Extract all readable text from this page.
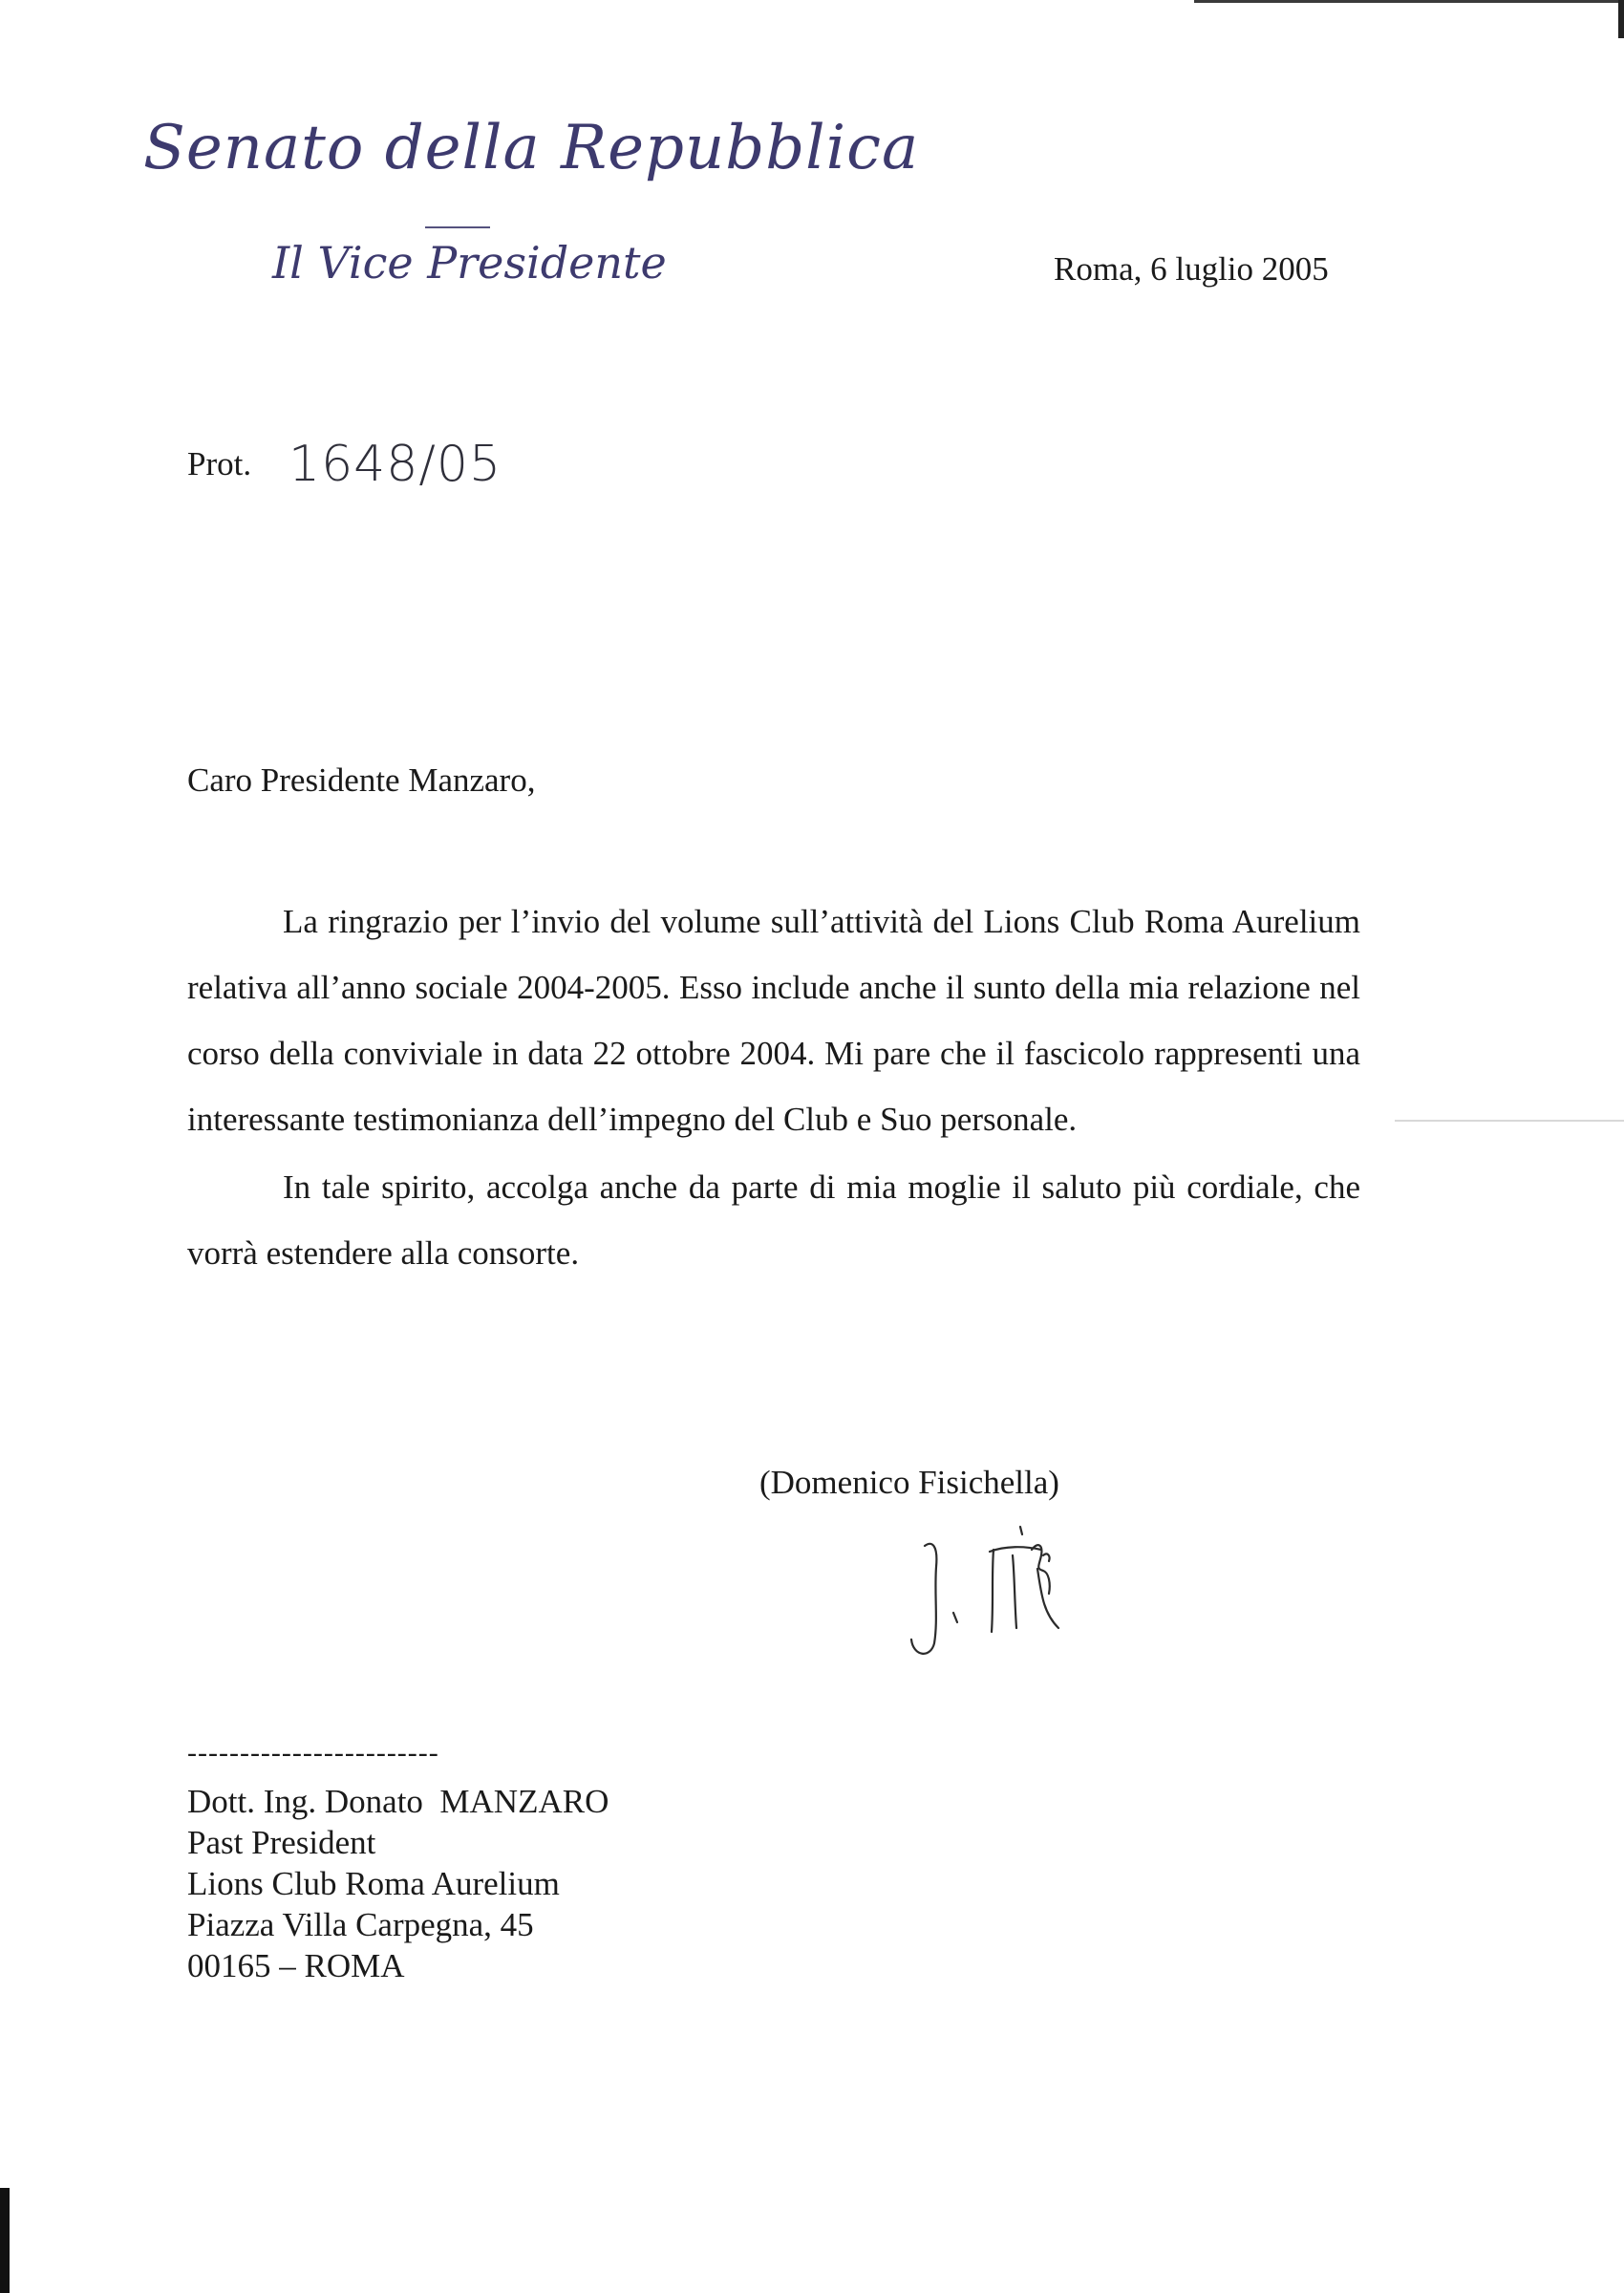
Senato della Repubblica
Il Vice Presidente	Roma, 6 luglio 2005
Prot. 1648/05
Caro Presidente Manzaro,

La ringrazio per l’invio del volume sull’attività del Lions Club Roma Aurelium relativa all’anno sociale 2004-2005. Esso include anche il sunto della mia relazione nel corso della conviviale in data 22 ottobre 2004. Mi pare che il fascicolo rappresenti una interessante testimonianza dell’impegno del Club e Suo personale.

In tale spirito, accolga anche da parte di mia moglie il saluto più cordiale, che vorrà estendere alla consorte.

(Domenico Fisichella)
------------------------
Dott. Ing. Donato  MANZARO
Past President
Lions Club Roma Aurelium
Piazza Villa Carpegna, 45
00165 – ROMA
